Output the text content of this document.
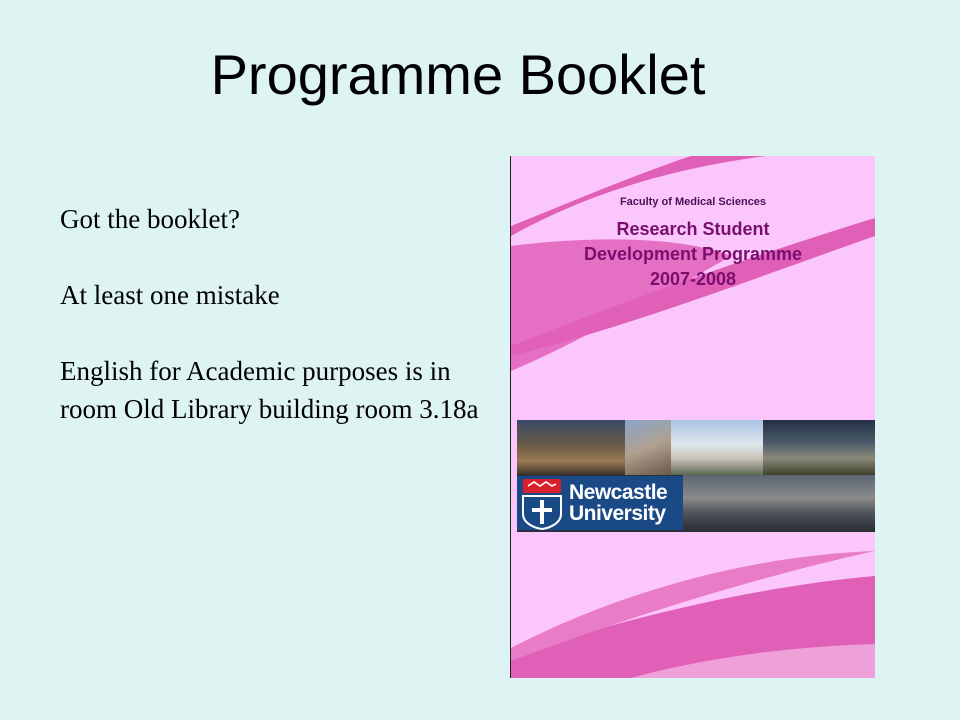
Programme Booklet

Got the booklet?

At least one mistake

English for Academic purposes is in room Old Library building room 3.18a

Faculty of Medical Sciences
Research Student
Development Programme
2007-2008
Newcastle
University
